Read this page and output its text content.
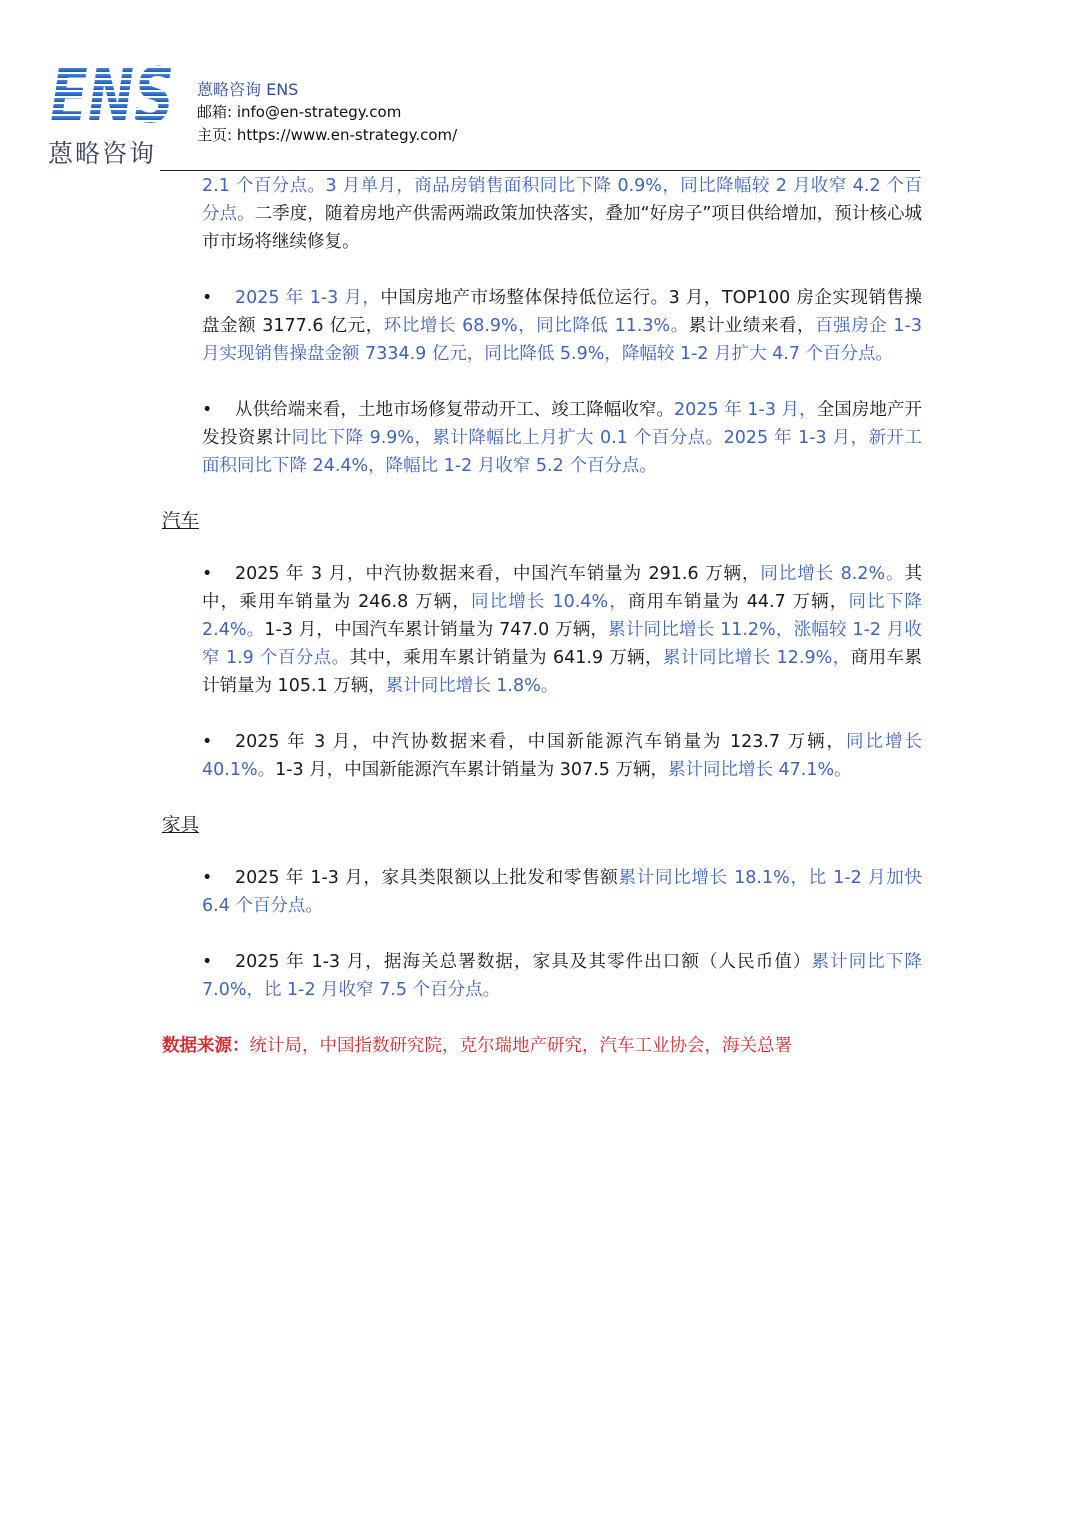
ENS
蒽略咨询
蒽略咨询 ENS
邮箱: info@en-strategy.com
主页: https://www.en-strategy.com/

2.1 个百分点。3 月单月，商品房销售面积同比下降 0.9%，同比降幅较 2 月收窄 4.2 个百分点。二季度，随着房地产供需两端政策加快落实，叠加“好房子”项目供给增加，预计核心城市市场将继续修复。

• 2025 年 1-3 月，中国房地产市场整体保持低位运行。3 月，TOP100 房企实现销售操盘金额 3177.6 亿元，环比增长 68.9%，同比降低 11.3%。累计业绩来看，百强房企 1-3 月实现销售操盘金额 7334.9 亿元，同比降低 5.9%，降幅较 1-2 月扩大 4.7 个百分点。

• 从供给端来看，土地市场修复带动开工、竣工降幅收窄。2025 年 1-3 月，全国房地产开发投资累计同比下降 9.9%，累计降幅比上月扩大 0.1 个百分点。2025 年 1-3 月，新开工面积同比下降 24.4%，降幅比 1-2 月收窄 5.2 个百分点。

汽车

• 2025 年 3 月，中汽协数据来看，中国汽车销量为 291.6 万辆，同比增长 8.2%。其中，乘用车销量为 246.8 万辆，同比增长 10.4%，商用车销量为 44.7 万辆，同比下降 2.4%。1-3 月，中国汽车累计销量为 747.0 万辆，累计同比增长 11.2%，涨幅较 1-2 月收窄 1.9 个百分点。其中，乘用车累计销量为 641.9 万辆，累计同比增长 12.9%，商用车累计销量为 105.1 万辆，累计同比增长 1.8%。

• 2025 年 3 月，中汽协数据来看，中国新能源汽车销量为 123.7 万辆，同比增长 40.1%。1-3 月，中国新能源汽车累计销量为 307.5 万辆，累计同比增长 47.1%。

家具

• 2025 年 1-3 月，家具类限额以上批发和零售额累计同比增长 18.1%，比 1-2 月加快 6.4 个百分点。

• 2025 年 1-3 月，据海关总署数据，家具及其零件出口额（人民币值）累计同比下降 7.0%，比 1-2 月收窄 7.5 个百分点。

数据来源：统计局，中国指数研究院，克尔瑞地产研究，汽车工业协会，海关总署
